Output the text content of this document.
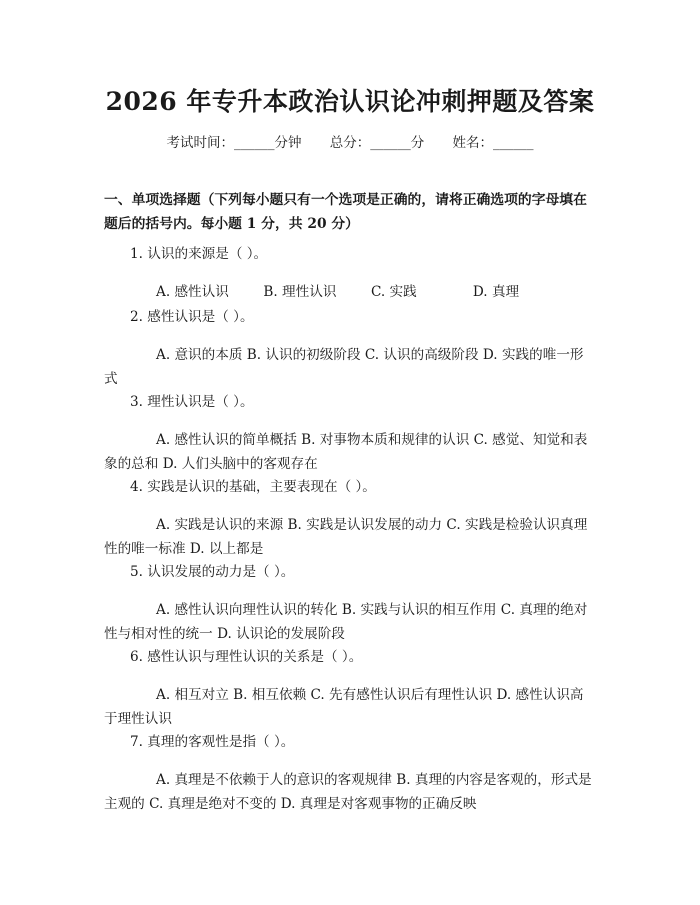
2026 年专升本政治认识论冲刺押题及答案
考试时间：______分钟 总分：______分 姓名：______
一、单项选择题（下列每小题只有一个选项是正确的，请将正确选项的字母填在题后的括号内。每小题 1 分，共 20 分）
1. 认识的来源是（ ）。
A. 感性认识        B. 理性认识        C. 实践             D. 真理
2. 感性认识是（ ）。
A. 意识的本质 B. 认识的初级阶段 C. 认识的高级阶段 D. 实践的唯一形式
3. 理性认识是（ ）。
A. 感性认识的简单概括 B. 对事物本质和规律的认识 C. 感觉、知觉和表象的总和 D. 人们头脑中的客观存在
4. 实践是认识的基础，主要表现在（ ）。
A. 实践是认识的来源 B. 实践是认识发展的动力 C. 实践是检验认识真理性的唯一标准 D. 以上都是
5. 认识发展的动力是（ ）。
A. 感性认识向理性认识的转化 B. 实践与认识的相互作用 C. 真理的绝对性与相对性的统一 D. 认识论的发展阶段
6. 感性认识与理性认识的关系是（ ）。
A. 相互对立 B. 相互依赖 C. 先有感性认识后有理性认识 D. 感性认识高于理性认识
7. 真理的客观性是指（ ）。
A. 真理是不依赖于人的意识的客观规律 B. 真理的内容是客观的，形式是主观的 C. 真理是绝对不变的 D. 真理是对客观事物的正确反映
